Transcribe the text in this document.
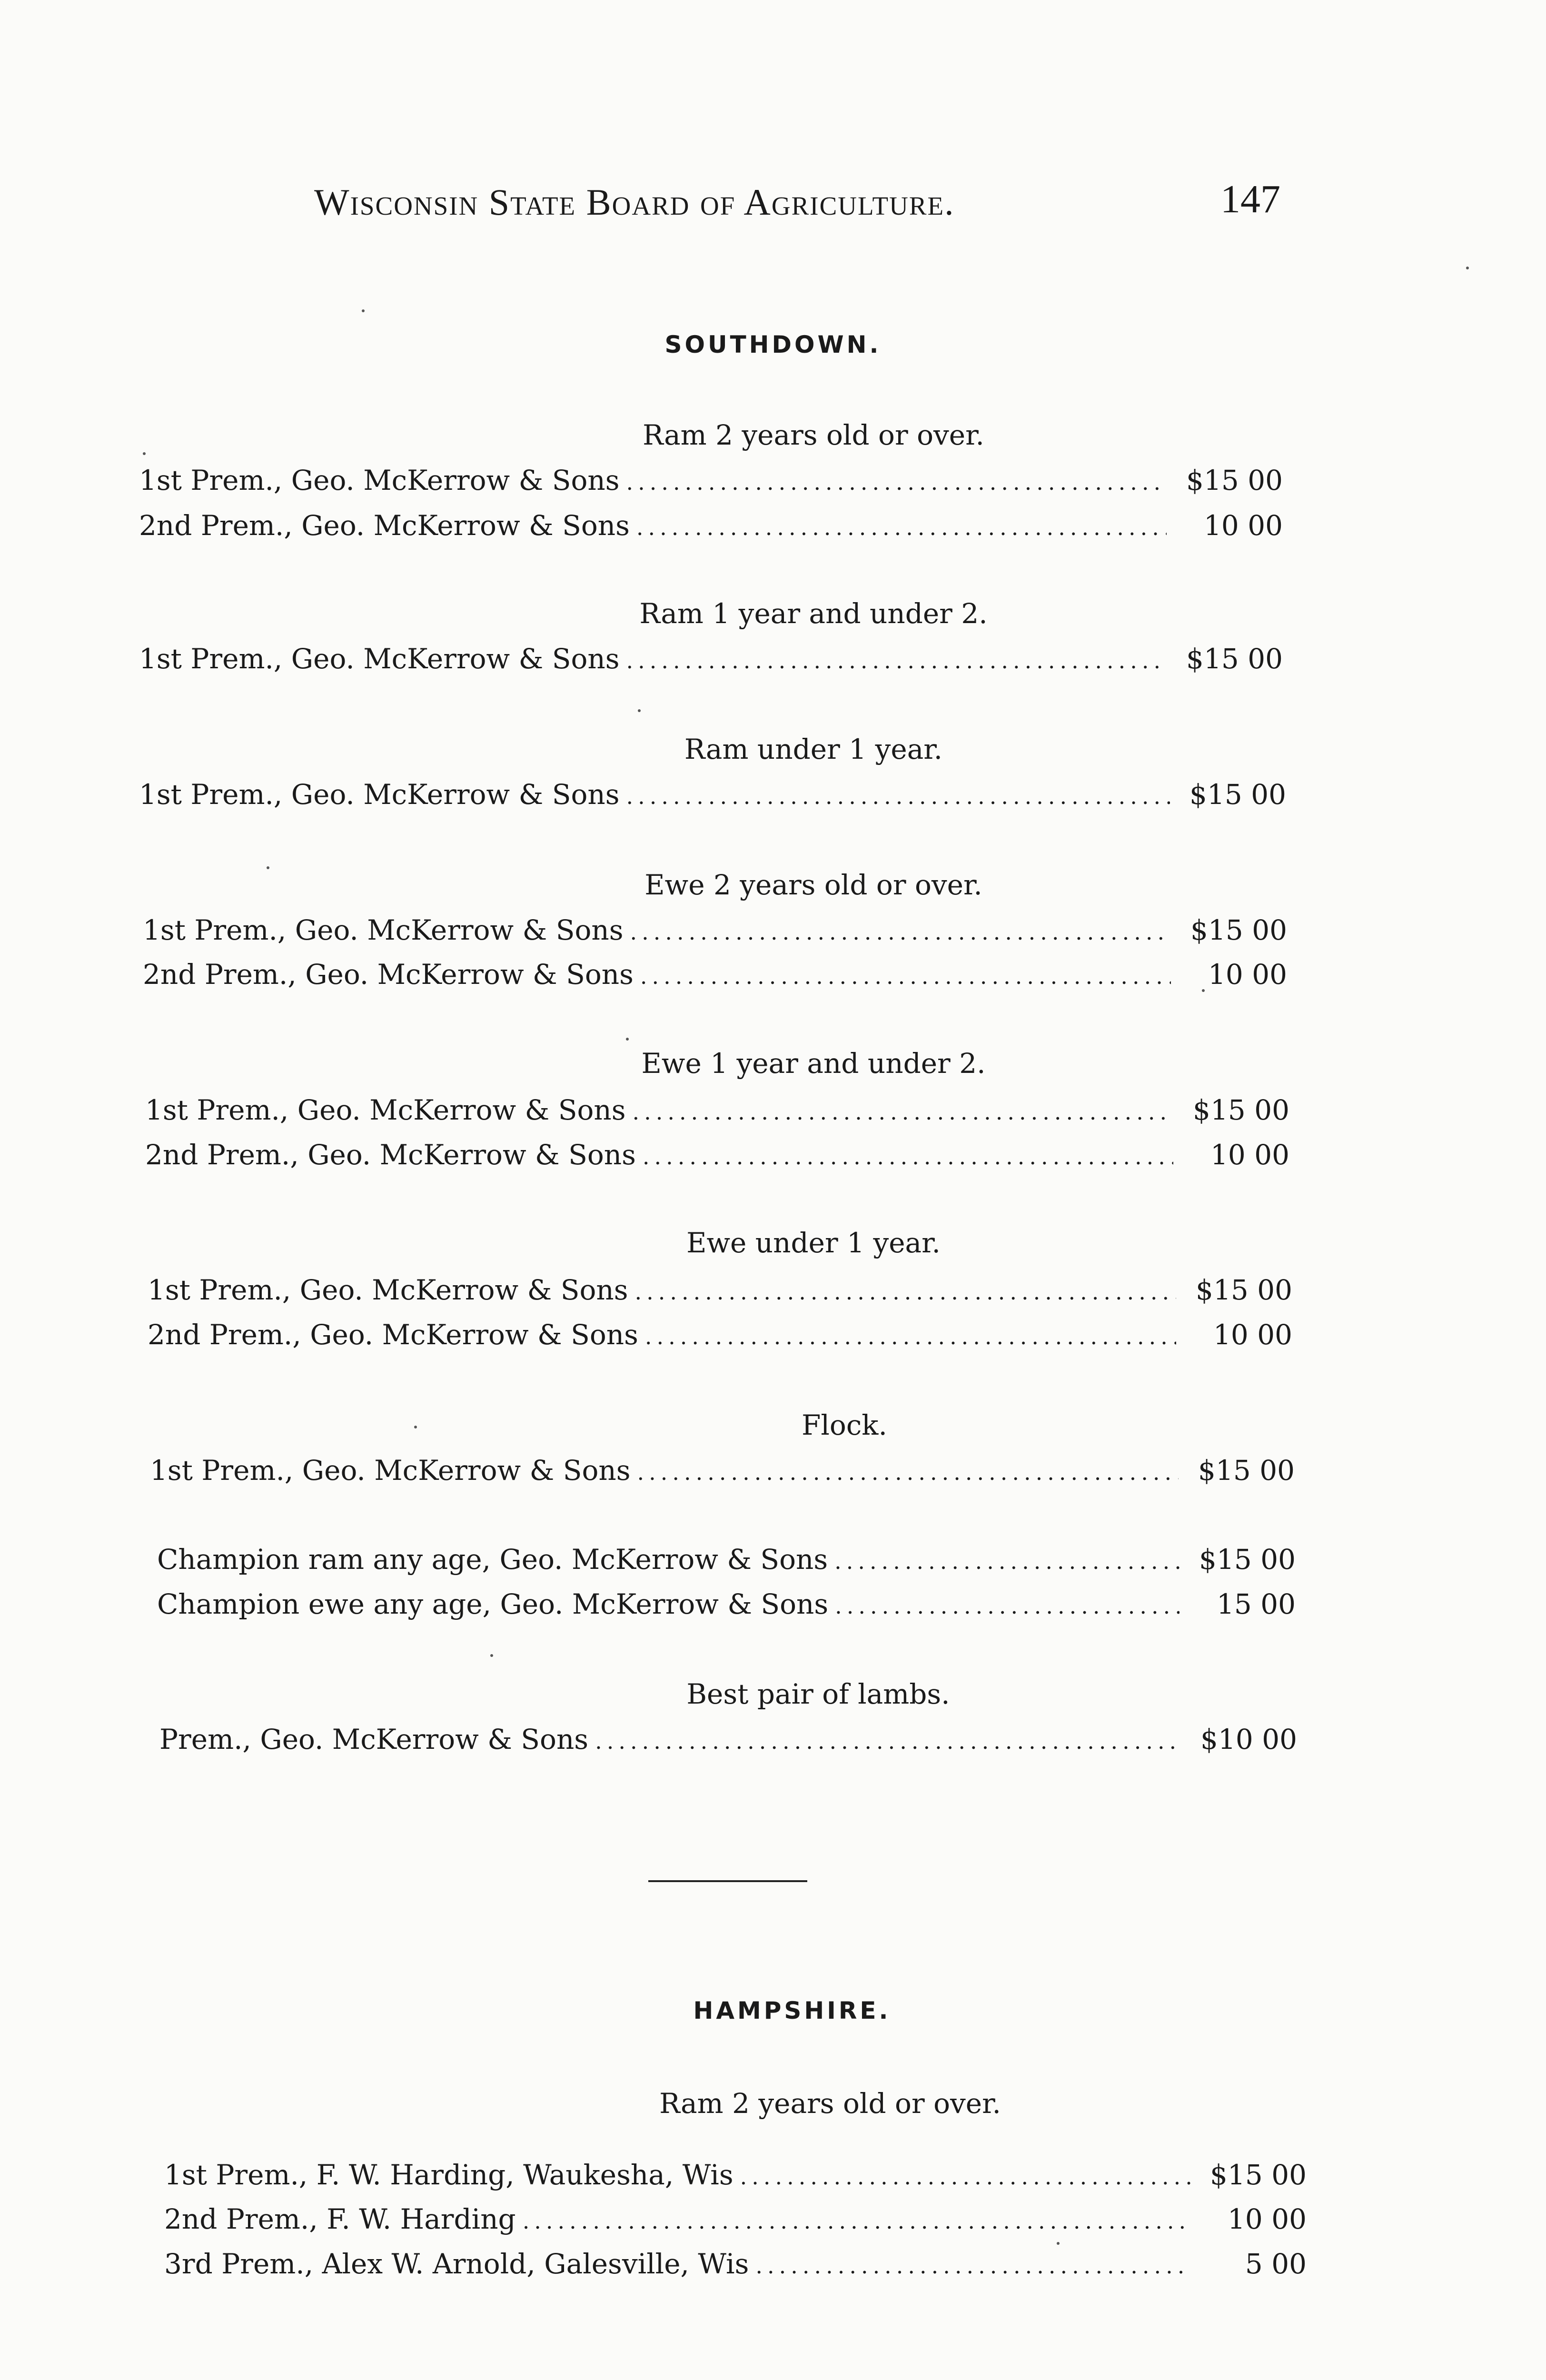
Wisconsin State Board of Agriculture.	147
SOUTHDOWN.
Ram 2 years old or over.
1st Prem., Geo. McKerrow & Sons .....	$15 00
2nd Prem., Geo. McKerrow & Sons .....	10 00
Ram 1 year and under 2.
1st Prem., Geo. McKerrow & Sons .....	$15 00
Ram under 1 year.
1st Prem., Geo. McKerrow & Sons .....	$15 00
Ewe 2 years old or over.
1st Prem., Geo. McKerrow & Sons .....	$15 00
2nd Prem., Geo. McKerrow & Sons .....	10 00
Ewe 1 year and under 2.
1st Prem., Geo. McKerrow & Sons .....	$15 00
2nd Prem., Geo. McKerrow & Sons .....	10 00
Ewe under 1 year.
1st Prem., Geo. McKerrow & Sons .....	$15 00
2nd Prem., Geo. McKerrow & Sons .....	10 00
Flock.
1st Prem., Geo. McKerrow & Sons .....	$15 00
Champion ram any age, Geo. McKerrow & Sons .....	$15 00
Champion ewe any age, Geo. McKerrow & Sons .....	15 00
Best pair of lambs.
Prem., Geo. McKerrow & Sons .....	$10 00
HAMPSHIRE.
Ram 2 years old or over.
1st Prem., F. W. Harding, Waukesha, Wis .....	$15 00
2nd Prem., F. W. Harding .....	10 00
3rd Prem., Alex W. Arnold, Galesville, Wis .....	5 00
